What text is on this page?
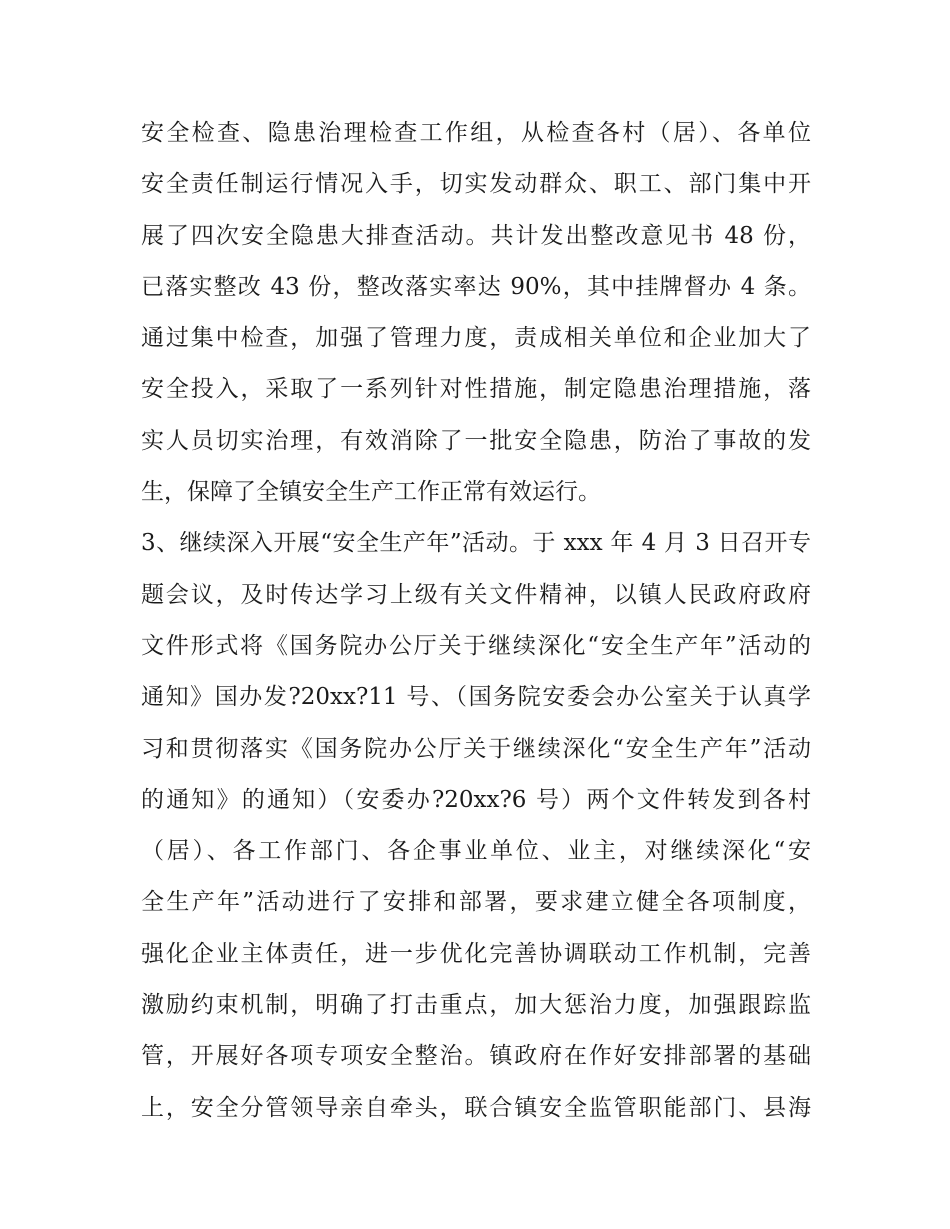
安全检查、隐患治理检查工作组，从检查各村（居）、各单位
安全责任制运行情况入手，切实发动群众、职工、部门集中开
展了四次安全隐患大排查活动。共计发出整改意见书 48 份，
已落实整改 43 份，整改落实率达 90%，其中挂牌督办 4 条。
通过集中检查，加强了管理力度，责成相关单位和企业加大了
安全投入，采取了一系列针对性措施，制定隐患治理措施，落
实人员切实治理，有效消除了一批安全隐患，防治了事故的发
生，保障了全镇安全生产工作正常有效运行。
3、继续深入开展“安全生产年”活动。于 xxx 年 4 月 3 日召开专
题会议，及时传达学习上级有关文件精神，以镇人民政府政府
文件形式将《国务院办公厅关于继续深化“安全生产年”活动的
通知》国办发?20xx?11 号、（国务院安委会办公室关于认真学
习和贯彻落实《国务院办公厅关于继续深化“安全生产年”活动
的通知》的通知）（安委办?20xx?6 号）两个文件转发到各村
（居）、各工作部门、各企事业单位、业主，对继续深化“安
全生产年”活动进行了安排和部署，要求建立健全各项制度，
强化企业主体责任，进一步优化完善协调联动工作机制，完善
激励约束机制，明确了打击重点，加大惩治力度，加强跟踪监
管，开展好各项专项安全整治。镇政府在作好安排部署的基础
上，安全分管领导亲自牵头，联合镇安全监管职能部门、县海
